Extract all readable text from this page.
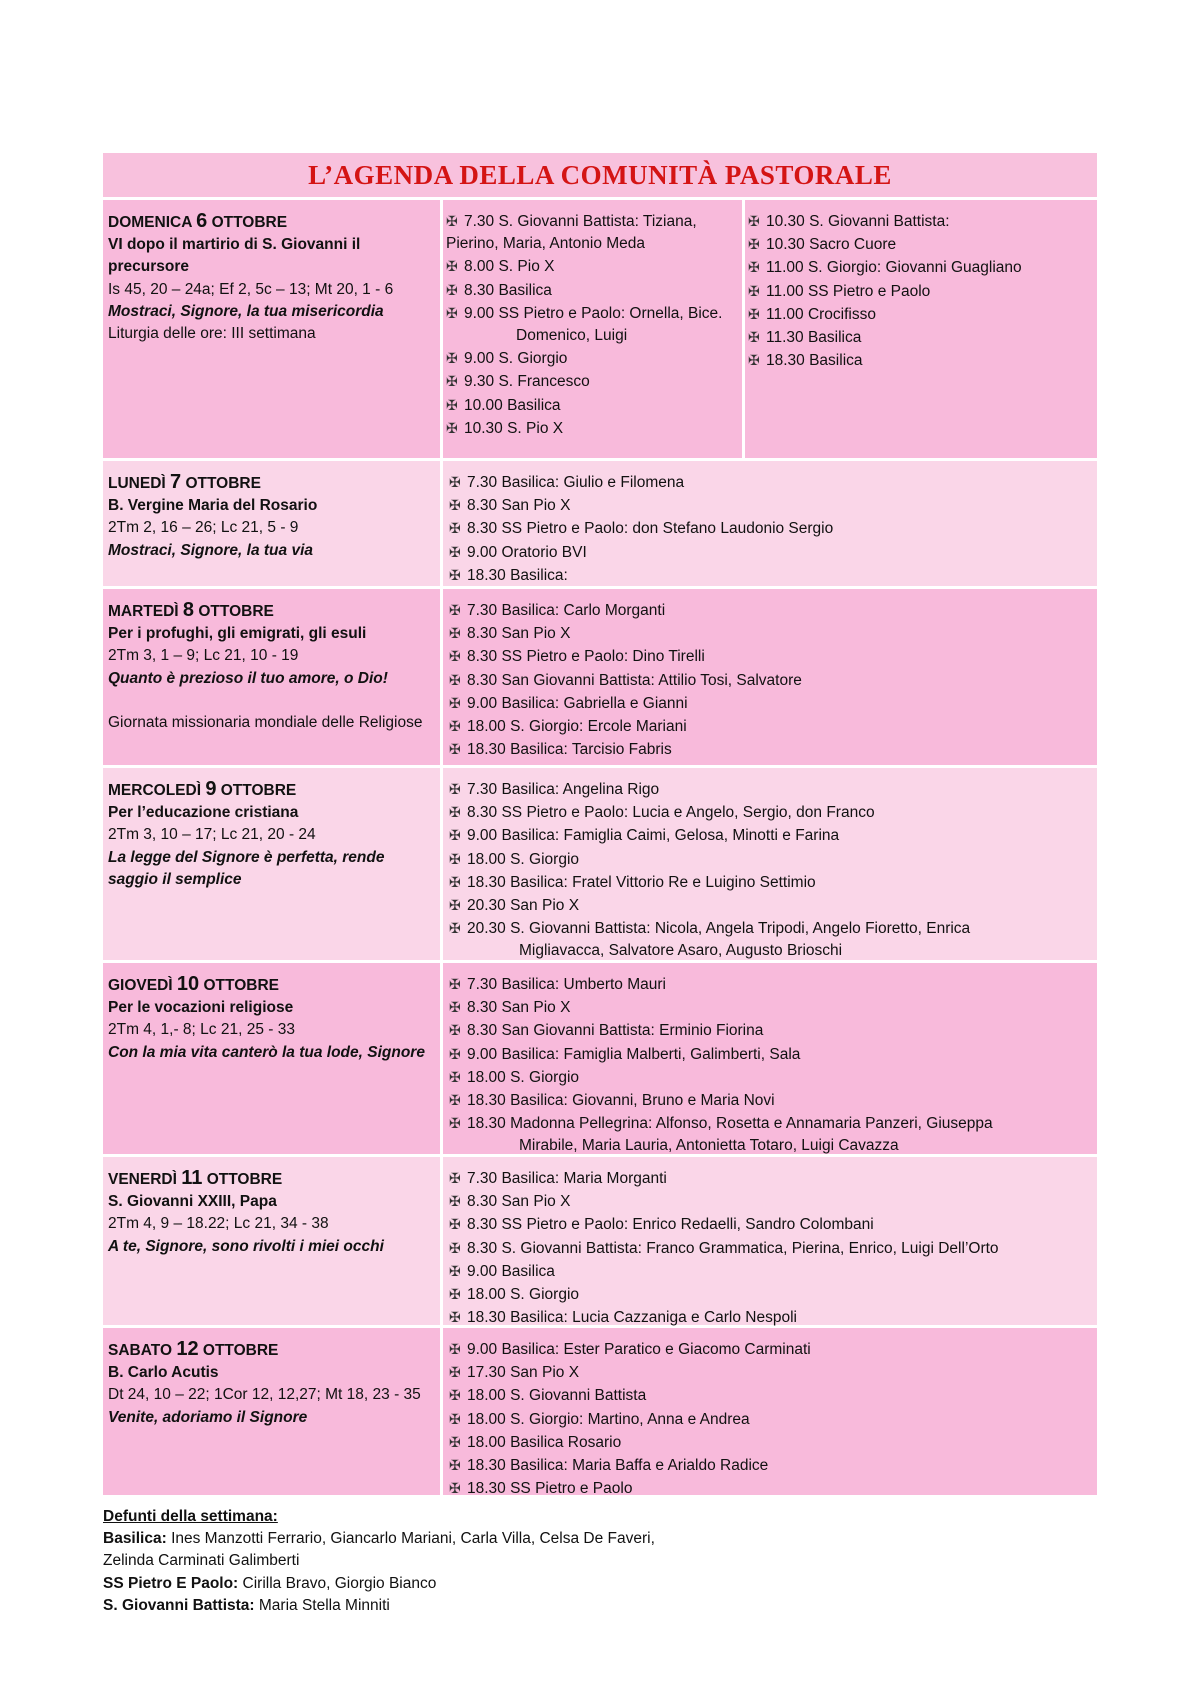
L’AGENDA DELLA COMUNITÀ PASTORALE
DOMENICA 6 OTTOBRE
VI dopo il martirio di S. Giovanni il precursore
Is 45, 20 – 24a; Ef 2, 5c – 13; Mt 20, 1 - 6
Mostraci, Signore, la tua misericordia
Liturgia delle ore: III settimana
✠ 7.30 S. Giovanni Battista: Tiziana,
Pierino, Maria, Antonio Meda
✠ 8.00 S. Pio X
✠ 8.30 Basilica
✠ 9.00 SS Pietro e Paolo: Ornella, Bice.
Domenico, Luigi
✠ 9.00 S. Giorgio
✠ 9.30 S. Francesco
✠ 10.00 Basilica
✠ 10.30 S. Pio X
✠ 10.30 S. Giovanni Battista:
✠ 10.30 Sacro Cuore
✠ 11.00 S. Giorgio: Giovanni Guagliano
✠ 11.00 SS Pietro e Paolo
✠ 11.00 Crocifisso
✠ 11.30 Basilica
✠ 18.30 Basilica
LUNEDÌ 7 OTTOBRE
B. Vergine Maria del Rosario
2Tm 2, 16 – 26; Lc 21, 5 - 9
Mostraci, Signore, la tua via
✠ 7.30 Basilica: Giulio e Filomena
✠ 8.30 San Pio X
✠ 8.30 SS Pietro e Paolo: don Stefano Laudonio Sergio
✠ 9.00 Oratorio BVI
✠ 18.30 Basilica:
MARTEDÌ 8 OTTOBRE
Per i profughi, gli emigrati, gli esuli
2Tm 3, 1 – 9; Lc 21, 10 - 19
Quanto è prezioso il tuo amore, o Dio!
Giornata missionaria mondiale delle Religiose
✠ 7.30 Basilica: Carlo Morganti
✠ 8.30 San Pio X
✠ 8.30 SS Pietro e Paolo: Dino Tirelli
✠ 8.30 San Giovanni Battista: Attilio Tosi, Salvatore
✠ 9.00 Basilica: Gabriella e Gianni
✠ 18.00 S. Giorgio: Ercole Mariani
✠ 18.30 Basilica: Tarcisio Fabris
MERCOLEDÌ 9 OTTOBRE
Per l’educazione cristiana
2Tm 3, 10 – 17; Lc 21, 20 - 24
La legge del Signore è perfetta, rende saggio il semplice
✠ 7.30 Basilica: Angelina Rigo
✠ 8.30 SS Pietro e Paolo: Lucia e Angelo, Sergio, don Franco
✠ 9.00 Basilica: Famiglia Caimi, Gelosa, Minotti e Farina
✠ 18.00 S. Giorgio
✠ 18.30 Basilica: Fratel Vittorio Re e Luigino Settimio
✠ 20.30 San Pio X
✠ 20.30 S. Giovanni Battista: Nicola, Angela Tripodi, Angelo Fioretto, Enrica
Migliavacca, Salvatore Asaro, Augusto Brioschi
GIOVEDÌ 10 OTTOBRE
Per le vocazioni religiose
2Tm 4, 1,- 8; Lc 21, 25 - 33
Con la mia vita canterò la tua lode, Signore
✠ 7.30 Basilica: Umberto Mauri
✠ 8.30 San Pio X
✠ 8.30 San Giovanni Battista: Erminio Fiorina
✠ 9.00 Basilica: Famiglia Malberti, Galimberti, Sala
✠ 18.00 S. Giorgio
✠ 18.30 Basilica: Giovanni, Bruno e Maria Novi
✠ 18.30 Madonna Pellegrina: Alfonso, Rosetta e Annamaria Panzeri, Giuseppa
Mirabile, Maria Lauria, Antonietta Totaro, Luigi Cavazza
VENERDÌ 11 OTTOBRE
S. Giovanni XXIII, Papa
2Tm 4, 9 – 18.22; Lc 21, 34 - 38
A te, Signore, sono rivolti i miei occhi
✠ 7.30 Basilica: Maria Morganti
✠ 8.30 San Pio X
✠ 8.30 SS Pietro e Paolo: Enrico Redaelli, Sandro Colombani
✠ 8.30 S. Giovanni Battista: Franco Grammatica, Pierina, Enrico, Luigi Dell’Orto
✠ 9.00 Basilica
✠ 18.00 S. Giorgio
✠ 18.30 Basilica: Lucia Cazzaniga e Carlo Nespoli
SABATO 12 OTTOBRE
B. Carlo Acutis
Dt 24, 10 – 22; 1Cor 12, 12,27; Mt 18, 23 - 35
Venite, adoriamo il Signore
✠ 9.00 Basilica: Ester Paratico e Giacomo Carminati
✠ 17.30 San Pio X
✠ 18.00 S. Giovanni Battista
✠ 18.00 S. Giorgio: Martino, Anna e Andrea
✠ 18.00 Basilica Rosario
✠ 18.30 Basilica: Maria Baffa e Arialdo Radice
✠ 18.30 SS Pietro e Paolo
Defunti della settimana:
Basilica: Ines Manzotti Ferrario, Giancarlo Mariani, Carla Villa, Celsa De Faveri,
Zelinda Carminati Galimberti
SS Pietro E Paolo: Cirilla Bravo, Giorgio Bianco
S. Giovanni Battista: Maria Stella Minniti
